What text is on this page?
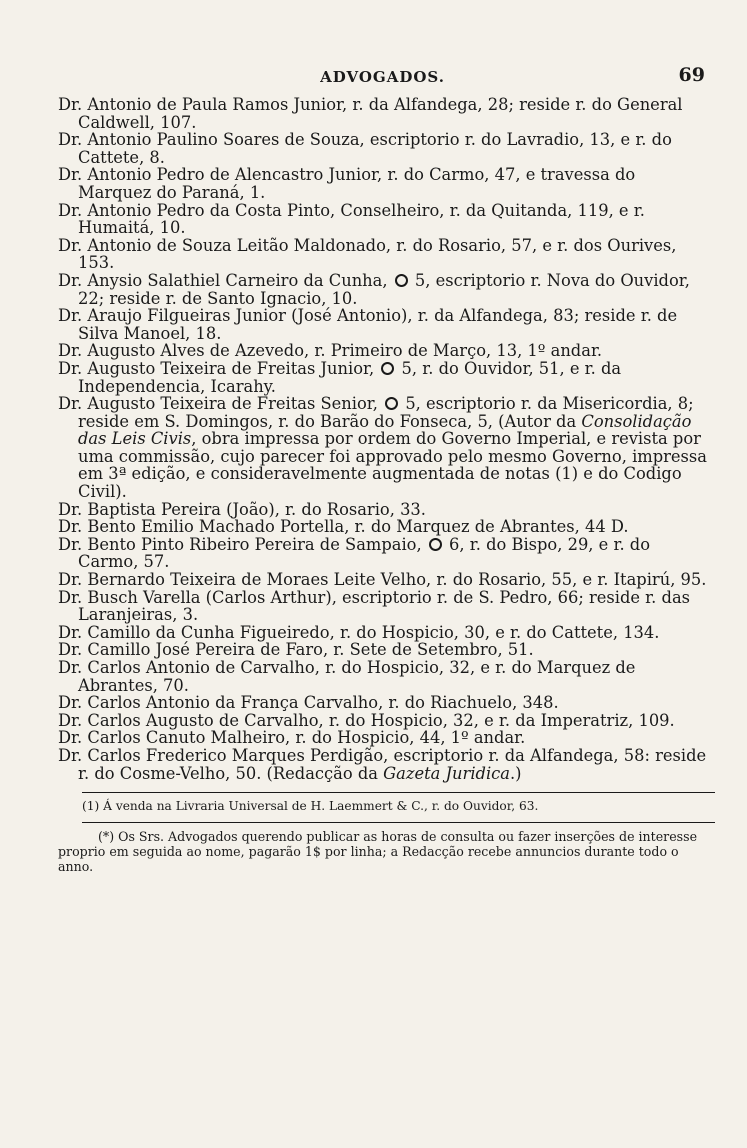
ADVOGADOS.	69

Dr. Antonio de Paula Ramos Junior, r. da Alfandega, 28; reside r. do General Caldwell, 107.

Dr. Antonio Paulino Soares de Souza, escriptorio r. do Lavradio, 13, e r. do Cattete, 8.

Dr. Antonio Pedro de Alencastro Junior, r. do Carmo, 47, e travessa do Marquez do Paraná, 1.

Dr. Antonio Pedro da Costa Pinto, Conselheiro, r. da Quitanda, 119, e r. Humaitá, 10.

Dr. Antonio de Souza Leitão Maldonado, r. do Rosario, 57, e r. dos Ourives, 153.

Dr. Anysio Salathiel Carneiro da Cunha,  5, escriptorio r. Nova do Ouvidor, 22; reside r. de Santo Ignacio, 10.

Dr. Araujo Filgueiras Junior (José Antonio), r. da Alfandega, 83; reside r. de Silva Manoel, 18.

Dr. Augusto Alves de Azevedo, r. Primeiro de Março, 13, 1º andar.

Dr. Augusto Teixeira de Freitas Junior,  5, r. do Ouvidor, 51, e r. da Independencia, Icarahy.

Dr. Augusto Teixeira de Freitas Senior,  5, escriptorio r. da Misericordia, 8; reside em S. Domingos, r. do Barão do Fonseca, 5, (Autor da Consolidação das Leis Civis, obra impressa por ordem do Governo Imperial, e revista por uma commissão, cujo parecer foi approvado pelo mesmo Governo, impressa em 3ª edição, e consideravelmente augmentada de notas (1) e do Codigo Civil).

Dr. Baptista Pereira (João), r. do Rosario, 33.

Dr. Bento Emilio Machado Portella, r. do Marquez de Abrantes, 44 D.

Dr. Bento Pinto Ribeiro Pereira de Sampaio,  6, r. do Bispo, 29, e r. do Carmo, 57.

Dr. Bernardo Teixeira de Moraes Leite Velho, r. do Rosario, 55, e r. Itapirú, 95.

Dr. Busch Varella (Carlos Arthur), escriptorio r. de S. Pedro, 66; reside r. das Laranjeiras, 3.

Dr. Camillo da Cunha Figueiredo, r. do Hospicio, 30, e r. do Cattete, 134.

Dr. Camillo José Pereira de Faro, r. Sete de Setembro, 51.

Dr. Carlos Antonio de Carvalho, r. do Hospicio, 32, e r. do Marquez de Abrantes, 70.

Dr. Carlos Antonio da França Carvalho, r. do Riachuelo, 348.

Dr. Carlos Augusto de Carvalho, r. do Hospicio, 32, e r. da Imperatriz, 109.

Dr. Carlos Canuto Malheiro, r. do Hospicio, 44, 1º andar.

Dr. Carlos Frederico Marques Perdigão, escriptorio r. da Alfandega, 58: reside r. do Cosme-Velho, 50. (Redacção da Gazeta Juridica.)

(1) Á venda na Livraria Universal de H. Laemmert & C., r. do Ouvidor, 63.

(*) Os Srs. Advogados querendo publicar as horas de consulta ou fazer inserções de interesse proprio em seguida ao nome, pagarão 1$ por linha; a Redacção recebe annuncios durante todo o anno.
